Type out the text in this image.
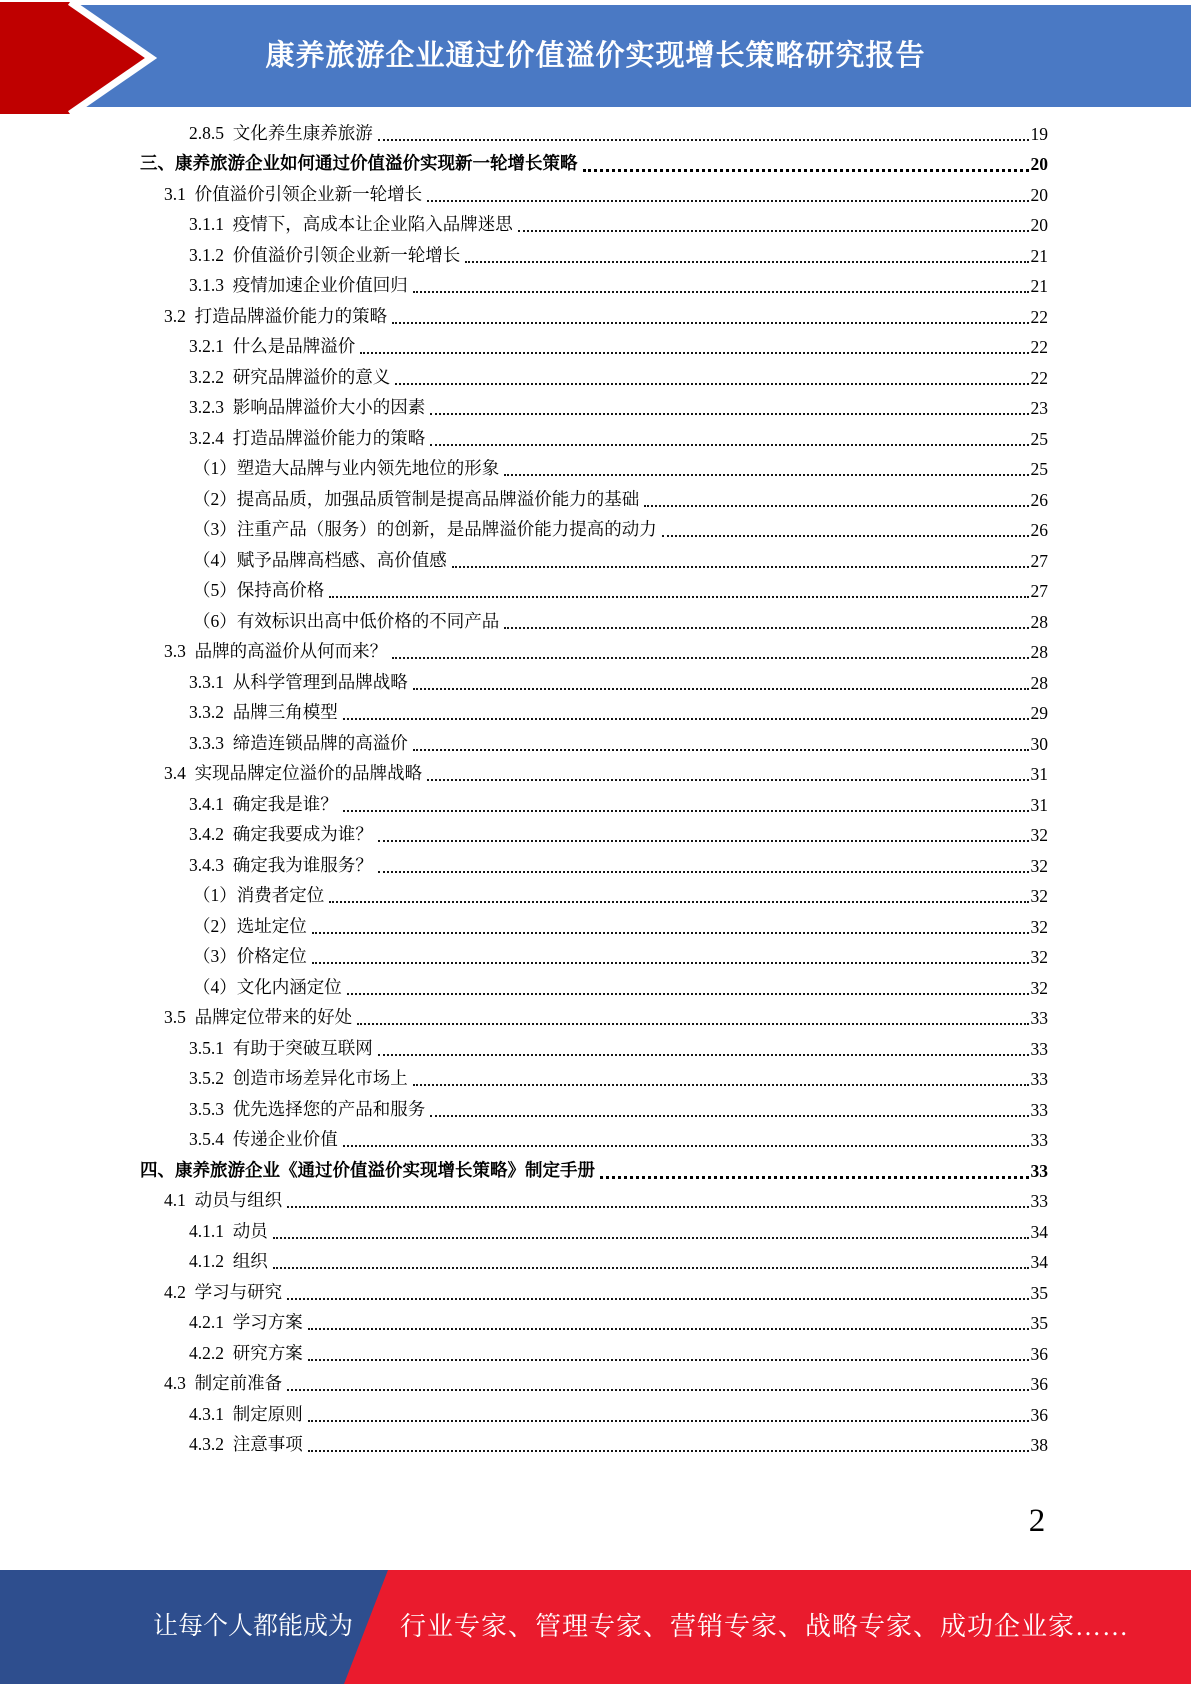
康养旅游企业通过价值溢价实现增长策略研究报告
2.8.5  文化养生康养旅游	19
三、康养旅游企业如何通过价值溢价实现新一轮增长策略	20
3.1  价值溢价引领企业新一轮增长	20
3.1.1  疫情下，高成本让企业陷入品牌迷思	20
3.1.2  价值溢价引领企业新一轮增长	21
3.1.3  疫情加速企业价值回归	21
3.2  打造品牌溢价能力的策略	22
3.2.1  什么是品牌溢价	22
3.2.2  研究品牌溢价的意义	22
3.2.3  影响品牌溢价大小的因素	23
3.2.4  打造品牌溢价能力的策略	25
（1）塑造大品牌与业内领先地位的形象	25
（2）提高品质，加强品质管制是提高品牌溢价能力的基础	26
（3）注重产品（服务）的创新，是品牌溢价能力提高的动力	26
（4）赋予品牌高档感、高价值感	27
（5）保持高价格	27
（6）有效标识出高中低价格的不同产品	28
3.3  品牌的高溢价从何而来？	28
3.3.1  从科学管理到品牌战略	28
3.3.2  品牌三角模型	29
3.3.3  缔造连锁品牌的高溢价	30
3.4  实现品牌定位溢价的品牌战略	31
3.4.1  确定我是谁？	31
3.4.2  确定我要成为谁？	32
3.4.3  确定我为谁服务？	32
（1）消费者定位	32
（2）选址定位	32
（3）价格定位	32
（4）文化内涵定位	32
3.5  品牌定位带来的好处	33
3.5.1  有助于突破互联网	33
3.5.2  创造市场差异化市场上	33
3.5.3  优先选择您的产品和服务	33
3.5.4  传递企业价值	33
四、康养旅游企业《通过价值溢价实现增长策略》制定手册	33
4.1  动员与组织	33
4.1.1  动员	34
4.1.2  组织	34
4.2  学习与研究	35
4.2.1  学习方案	35
4.2.2  研究方案	36
4.3  制定前准备	36
4.3.1  制定原则	36
4.3.2  注意事项	38
2
让每个人都能成为	行业专家、管理专家、营销专家、战略专家、成功企业家……
